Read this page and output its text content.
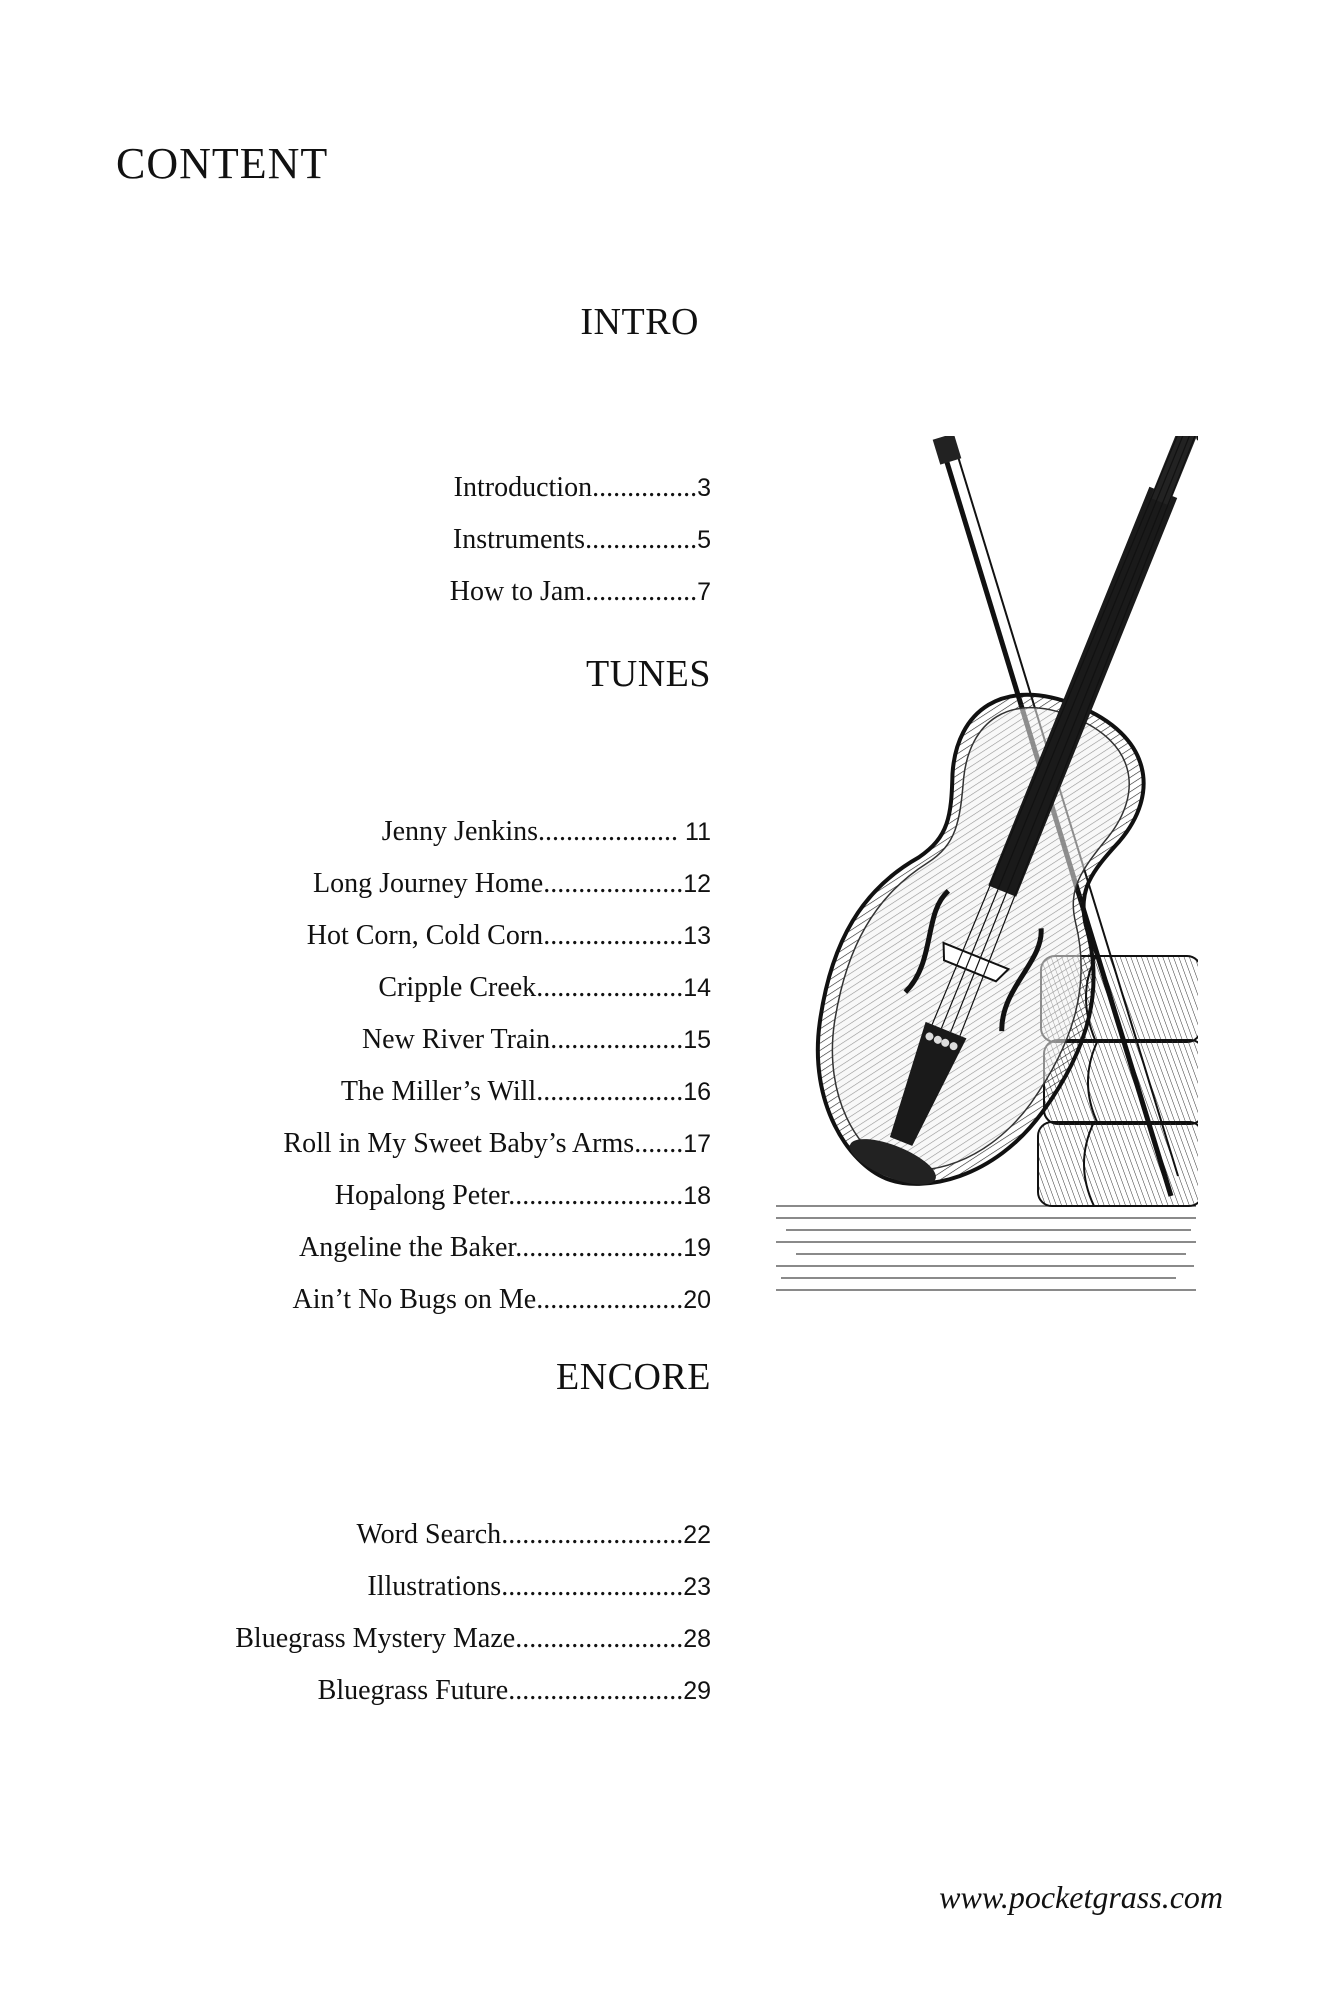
CONTENT
INTRO
Introduction...............3
Instruments................5
How to Jam................7
TUNES
Jenny Jenkins.................... 11
Long Journey Home....................12
Hot Corn, Cold Corn....................13
Cripple Creek.....................14
New River Train...................15
The Miller’s Will.....................16
Roll in My Sweet Baby’s Arms.......17
Hopalong Peter.........................18
Angeline the Baker........................19
Ain’t No Bugs on Me.....................20
ENCORE
Word Search..........................22
Illustrations..........................23
Bluegrass Mystery Maze........................28
Bluegrass Future.........................29

www.pocketgrass.com
